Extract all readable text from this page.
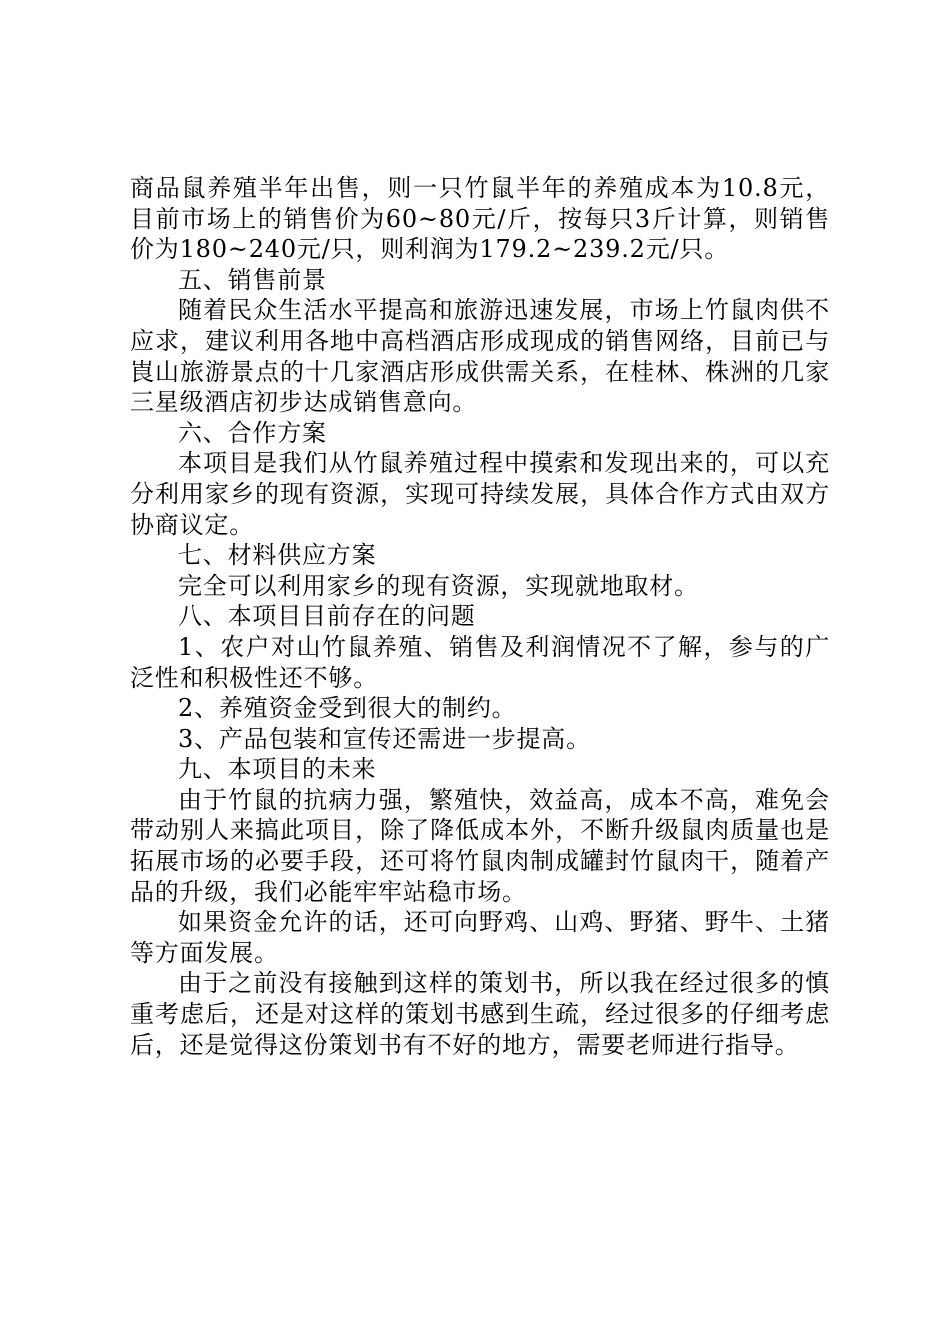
商品鼠养殖半年出售，则一只竹鼠半年的养殖成本为10.8元，目前市场上的销售价为60~80元/斤，按每只3斤计算，则销售价为180~240元/只，则利润为179.2~239.2元/只。

五、销售前景

随着民众生活水平提高和旅游迅速发展，市场上竹鼠肉供不应求，建议利用各地中高档酒店形成现成的销售网络，目前已与崀山旅游景点的十几家酒店形成供需关系，在桂林、株洲的几家三星级酒店初步达成销售意向。

六、合作方案

本项目是我们从竹鼠养殖过程中摸索和发现出来的，可以充分利用家乡的现有资源，实现可持续发展，具体合作方式由双方协商议定。

七、材料供应方案

完全可以利用家乡的现有资源，实现就地取材。

八、本项目目前存在的问题

1、农户对山竹鼠养殖、销售及利润情况不了解，参与的广泛性和积极性还不够。

2、养殖资金受到很大的制约。

3、产品包装和宣传还需进一步提高。

九、本项目的未来

由于竹鼠的抗病力强，繁殖快，效益高，成本不高，难免会带动别人来搞此项目，除了降低成本外，不断升级鼠肉质量也是拓展市场的必要手段，还可将竹鼠肉制成罐封竹鼠肉干，随着产品的升级，我们必能牢牢站稳市场。

如果资金允许的话，还可向野鸡、山鸡、野猪、野牛、土猪等方面发展。

由于之前没有接触到这样的策划书，所以我在经过很多的慎重考虑后，还是对这样的策划书感到生疏，经过很多的仔细考虑后，还是觉得这份策划书有不好的地方，需要老师进行指导。
